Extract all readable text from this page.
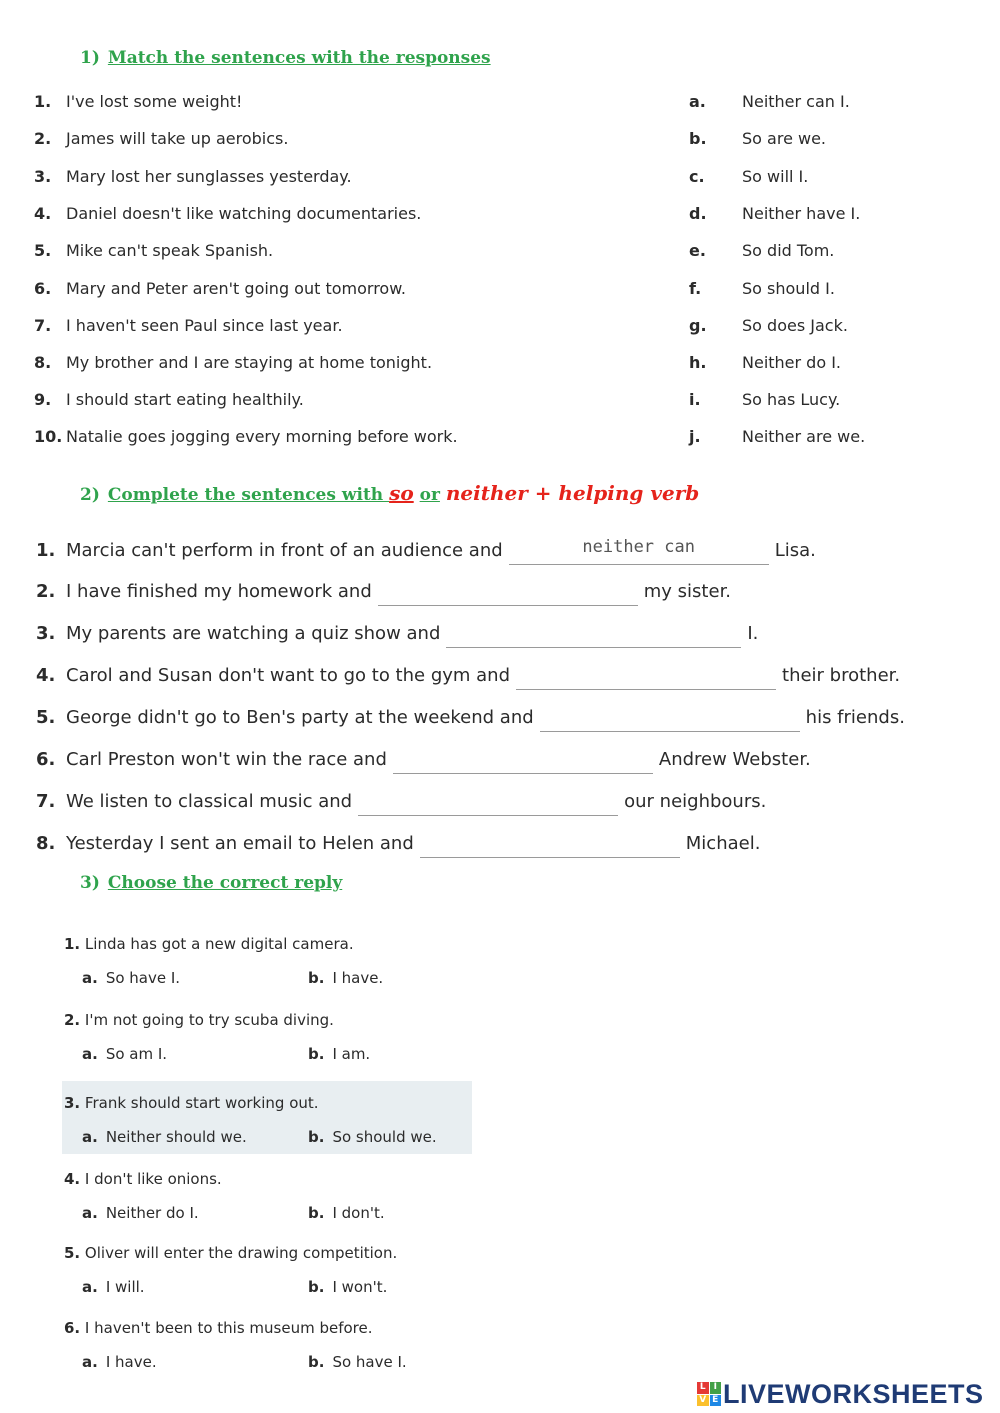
1) Match the sentences with the responses
1. I've lost some weight!	a. Neither can I.
2. James will take up aerobics.	b. So are we.
3. Mary lost her sunglasses yesterday.	c. So will I.
4. Daniel doesn't like watching documentaries.	d. Neither have I.
5. Mike can't speak Spanish.	e. So did Tom.
6. Mary and Peter aren't going out tomorrow.	f.	So should I.
7. I haven't seen Paul since last year.	g. So does Jack.
8. My brother and I are staying at home tonight.	h. Neither do I.
9. I should start eating healthily.	i.	So has Lucy.
10. Natalie goes jogging every morning before work.	j.	Neither are we.
2) Complete the sentences with so or neither + helping verb
1. Marcia can't perform in front of an audience and	neither can	Lisa.
2. I have finished my homework and	my sister.
3. My parents are watching a quiz show and	I.
4. Carol and Susan don't want to go to the gym and	their brother.
5. George didn't go to Ben's party at the weekend and	his friends.
6. Carl Preston won't win the race and	Andrew Webster.
7. We listen to classical music and	our neighbours.
8. Yesterday I sent an email to Helen and	Michael.
3) Choose the correct reply
1. Linda has got a new digital camera.
a. So have I.	b. I have.
2. I'm not going to try scuba diving.
a. So am I.	b. I am.
3. Frank should start working out.
a. Neither should we.	b. So should we.
4. I don't like onions.
a. Neither do I.	b. I don't.
5. Oliver will enter the drawing competition.
a. I will.	b. I won't.
6. I haven't been to this museum before.
a. I have.	b. So have I.
L I
V E LIVEWORKSHEETS
